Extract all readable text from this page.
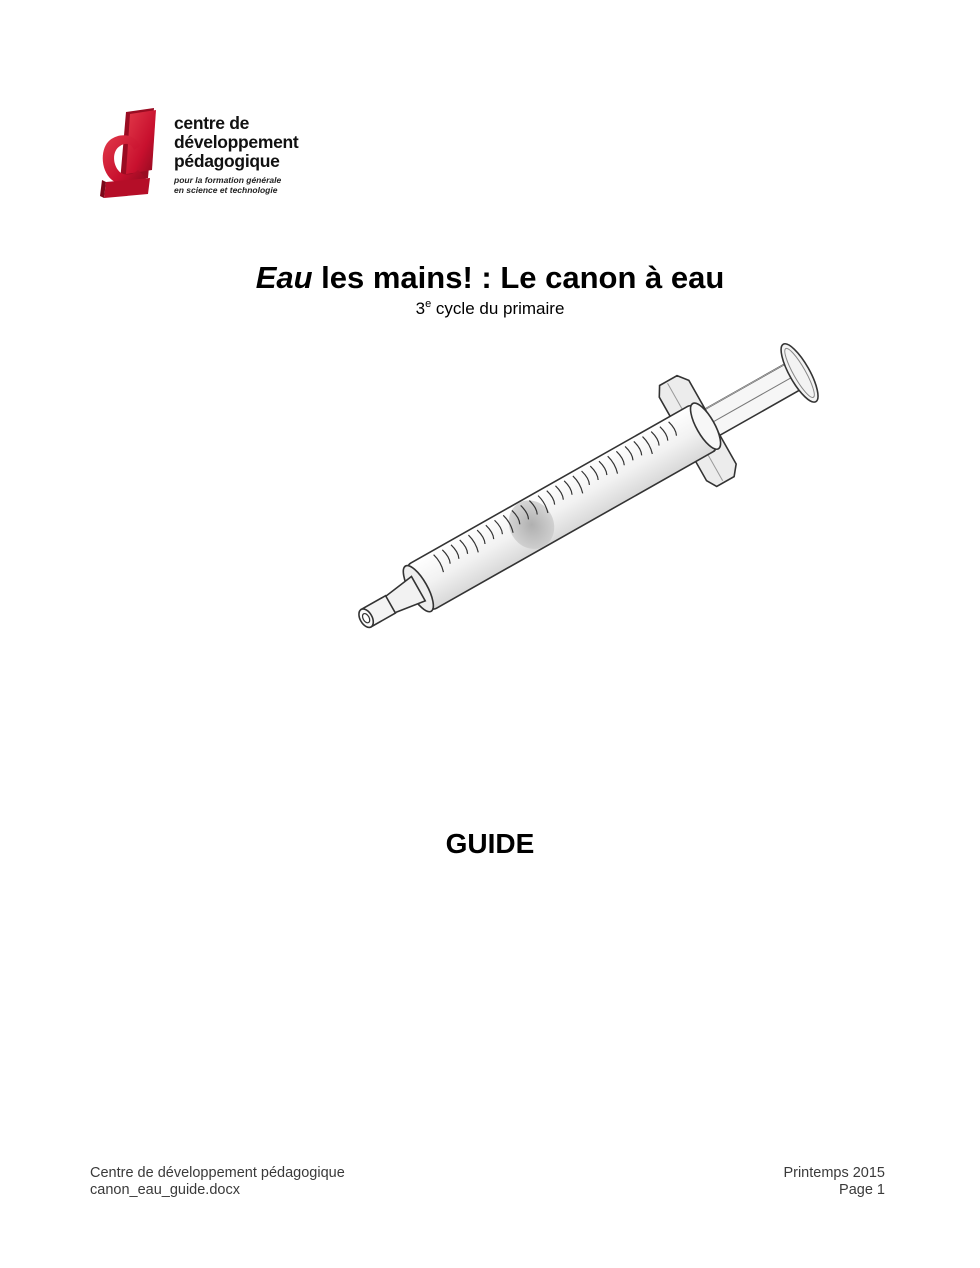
centre de
développement
pédagogique
pour la formation générale
en science et technologie
Eau les mains! : Le canon à eau
3e cycle du primaire
GUIDE
Centre de développement pédagogique
canon_eau_guide.docx
Printemps 2015
Page 1
